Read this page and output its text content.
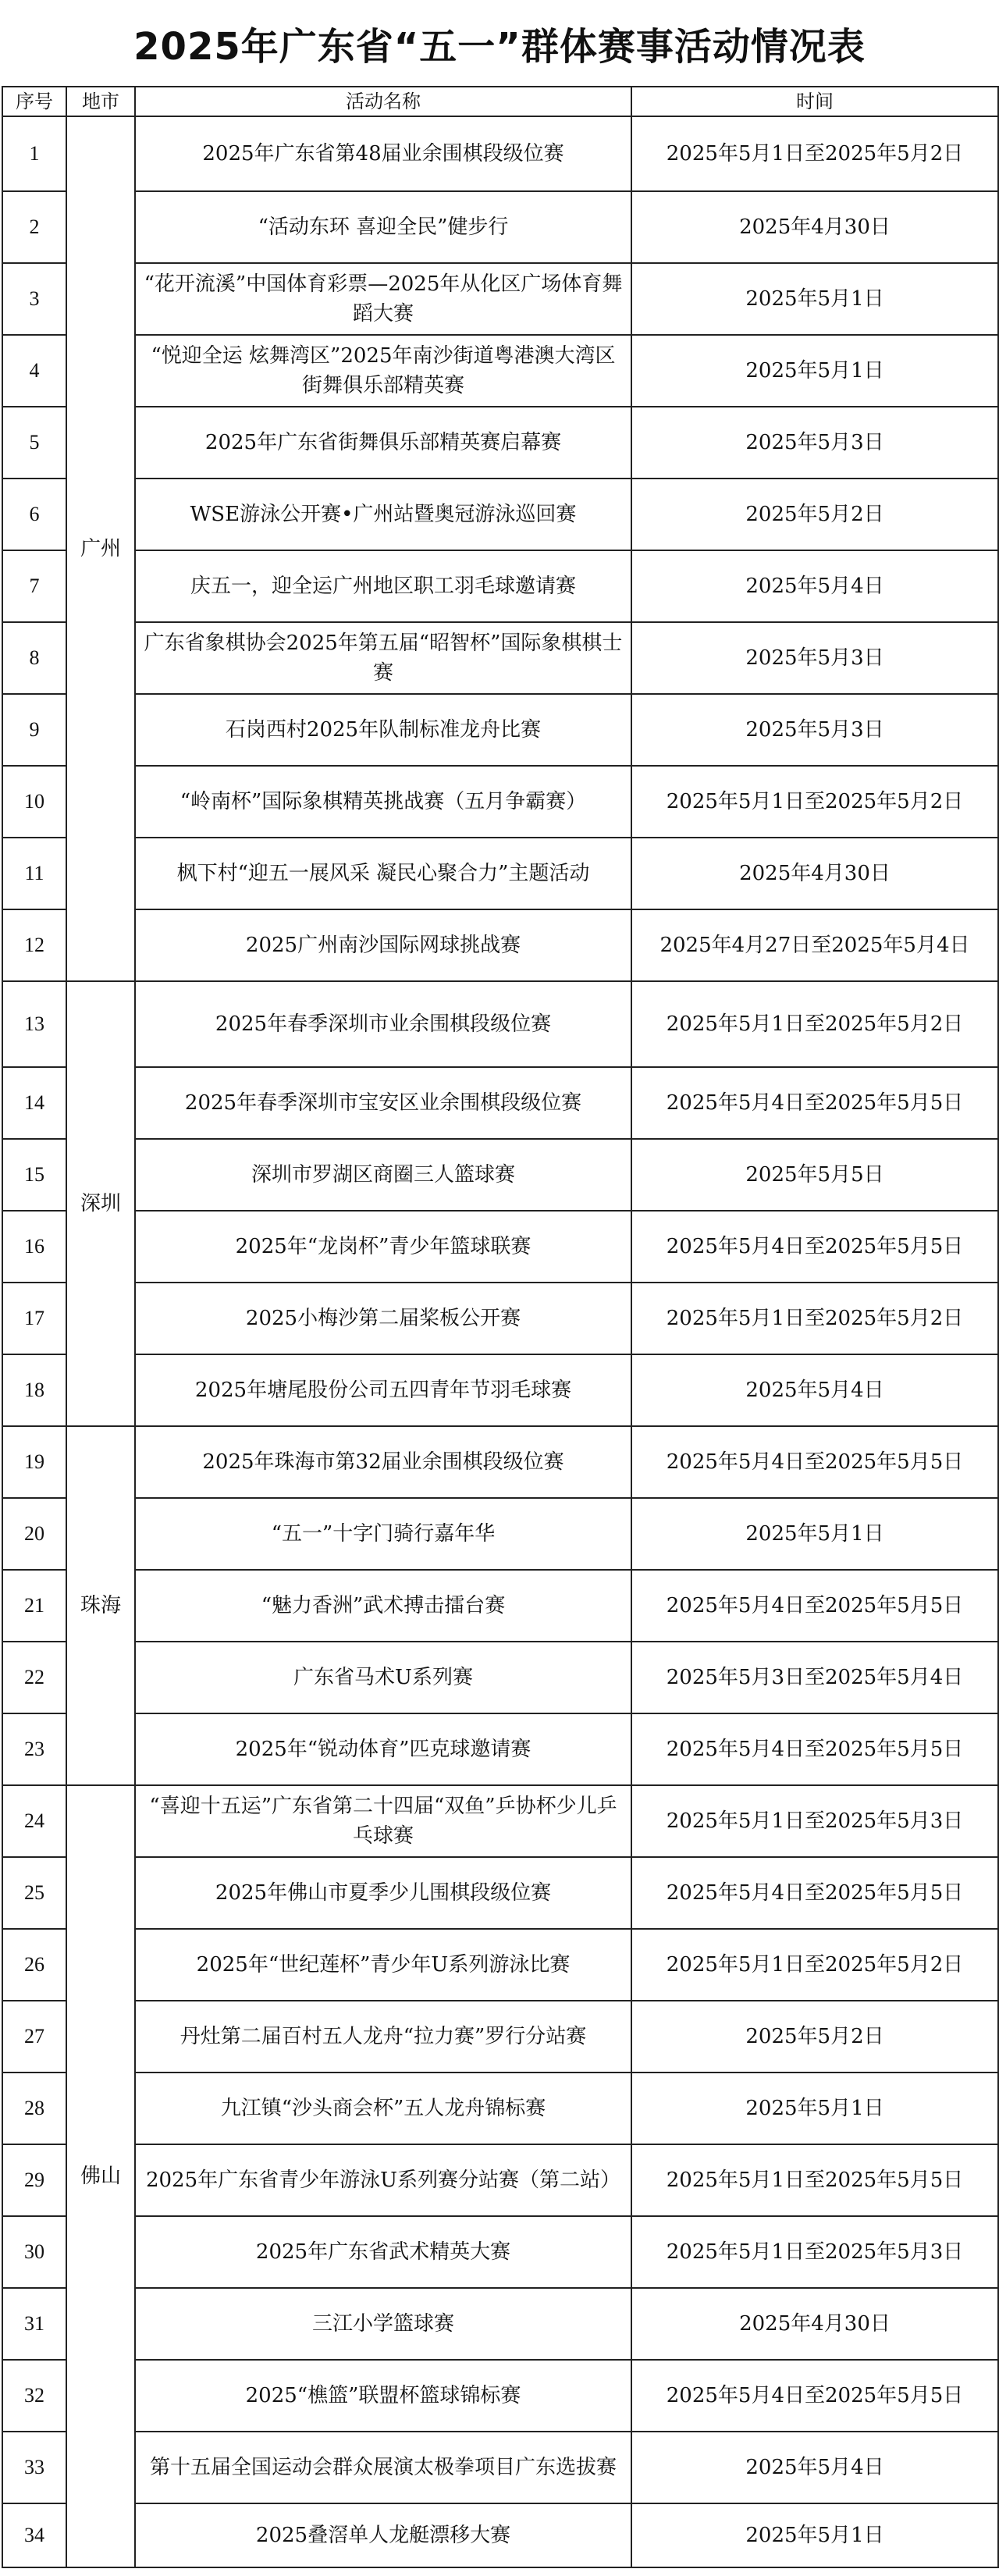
2025年广东省“五一”群体赛事活动情况表
序号	地市	活动名称	时间
1	广州	2025年广东省第48届业余围棋段级位赛	2025年5月1日至2025年5月2日
2		“活动东环 喜迎全民”健步行	2025年4月30日
3		“花开流溪”中国体育彩票—2025年从化区广场体育舞蹈大赛	2025年5月1日
4		“悦迎全运 炫舞湾区”2025年南沙街道粤港澳大湾区街舞俱乐部精英赛	2025年5月1日
5		2025年广东省街舞俱乐部精英赛启幕赛	2025年5月3日
6		WSE游泳公开赛•广州站暨奥冠游泳巡回赛	2025年5月2日
7		庆五一，迎全运广州地区职工羽毛球邀请赛	2025年5月4日
8		广东省象棋协会2025年第五届“昭智杯”国际象棋棋士赛	2025年5月3日
9		石岗西村2025年队制标准龙舟比赛	2025年5月3日
10		“岭南杯”国际象棋精英挑战赛（五月争霸赛）	2025年5月1日至2025年5月2日
11		枫下村“迎五一展风采 凝民心聚合力”主题活动	2025年4月30日
12		2025广州南沙国际网球挑战赛	2025年4月27日至2025年5月4日
13	深圳	2025年春季深圳市业余围棋段级位赛	2025年5月1日至2025年5月2日
14		2025年春季深圳市宝安区业余围棋段级位赛	2025年5月4日至2025年5月5日
15		深圳市罗湖区商圈三人篮球赛	2025年5月5日
16		2025年“龙岗杯”青少年篮球联赛	2025年5月4日至2025年5月5日
17		2025小梅沙第二届桨板公开赛	2025年5月1日至2025年5月2日
18		2025年塘尾股份公司五四青年节羽毛球赛	2025年5月4日
19	珠海	2025年珠海市第32届业余围棋段级位赛	2025年5月4日至2025年5月5日
20		“五一”十字门骑行嘉年华	2025年5月1日
21		“魅力香洲”武术搏击擂台赛	2025年5月4日至2025年5月5日
22		广东省马术U系列赛	2025年5月3日至2025年5月4日
23		2025年“锐动体育”匹克球邀请赛	2025年5月4日至2025年5月5日
24	佛山	“喜迎十五运”广东省第二十四届“双鱼”乒协杯少儿乒乓球赛	2025年5月1日至2025年5月3日
25		2025年佛山市夏季少儿围棋段级位赛	2025年5月4日至2025年5月5日
26		2025年“世纪莲杯”青少年U系列游泳比赛	2025年5月1日至2025年5月2日
27		丹灶第二届百村五人龙舟“拉力赛”罗行分站赛	2025年5月2日
28		九江镇“沙头商会杯”五人龙舟锦标赛	2025年5月1日
29		2025年广东省青少年游泳U系列赛分站赛（第二站）	2025年5月1日至2025年5月5日
30		2025年广东省武术精英大赛	2025年5月1日至2025年5月3日
31		三江小学篮球赛	2025年4月30日
32		2025“樵篮”联盟杯篮球锦标赛	2025年5月4日至2025年5月5日
33		第十五届全国运动会群众展演太极拳项目广东选拔赛	2025年5月4日
34		2025叠滘单人龙艇漂移大赛	2025年5月1日
